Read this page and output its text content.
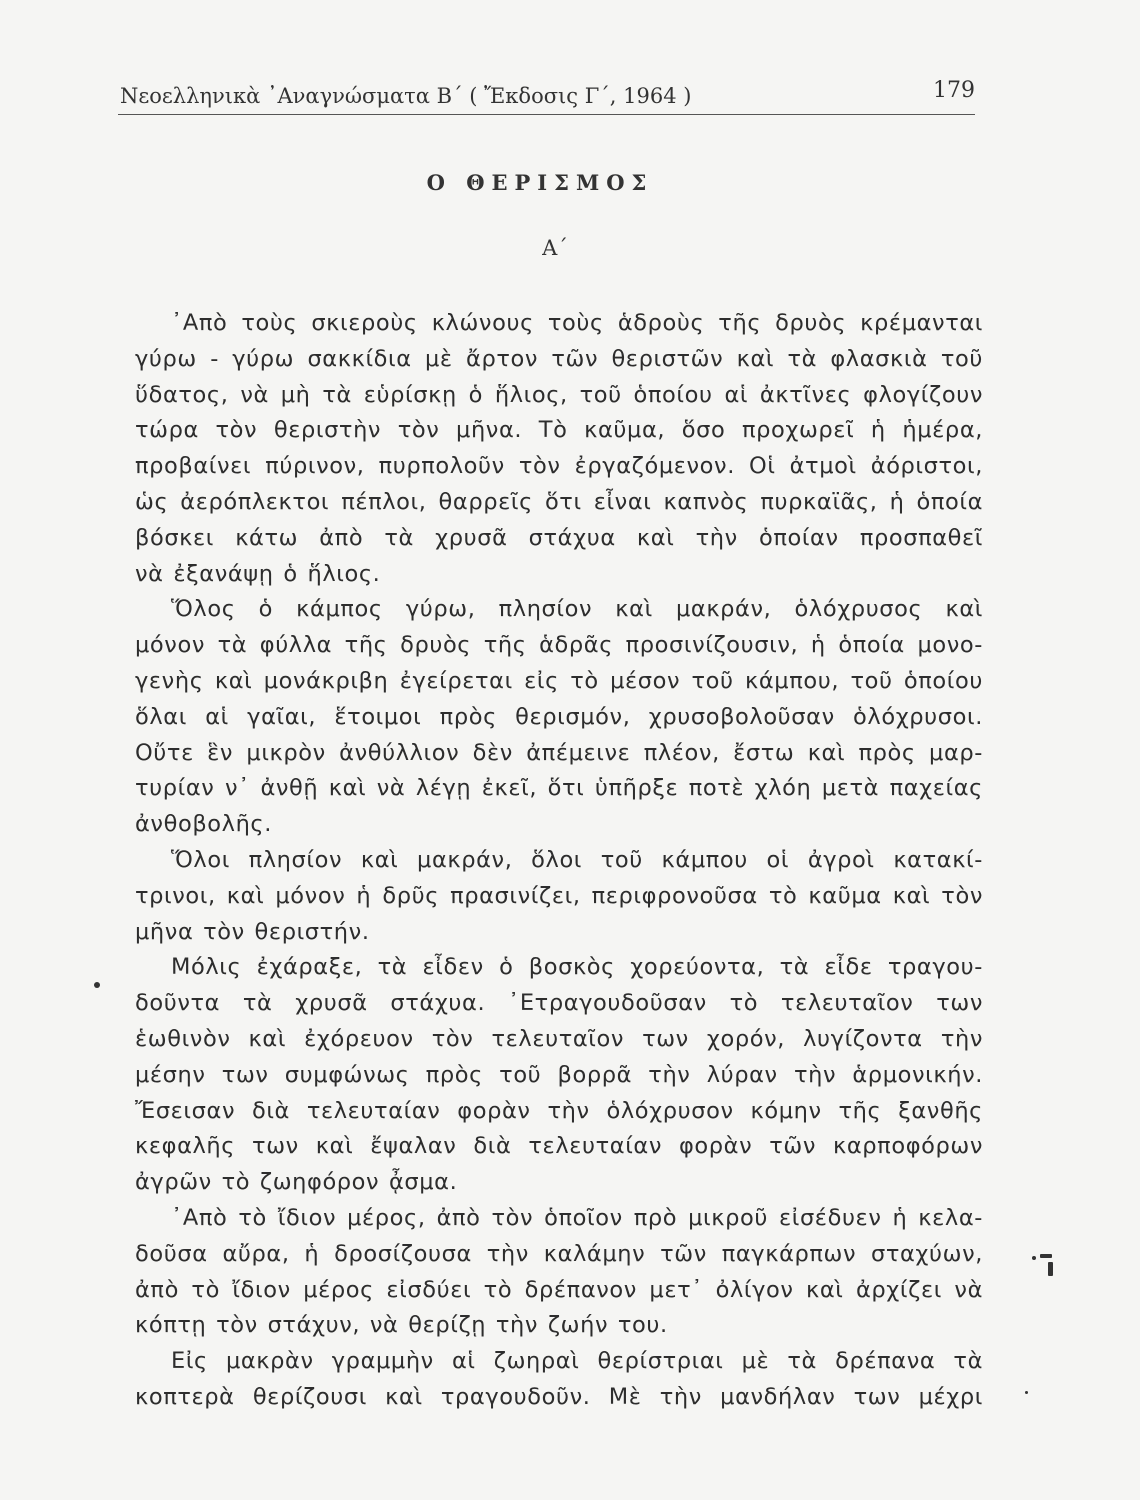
Νεοελληνικὰ ᾽Αναγνώσματα Β΄ ( Ἔκδοσις Γ΄, 1964 )	179
Ο ΘΕΡΙΣΜΟΣ
Α΄
᾽Απὸ τοὺς σκιεροὺς κλώνους τοὺς ἁδροὺς τῆς δρυὸς κρέμανται
γύρω - γύρω σακκίδια μὲ ἄρτον τῶν θεριστῶν καὶ τὰ φλασκιὰ τοῦ
ὕδατος, νὰ μὴ τὰ εὑρίσκῃ ὁ ἥλιος, τοῦ ὁποίου αἱ ἀκτῖνες φλογίζουν
τώρα τὸν θεριστὴν τὸν μῆνα. Τὸ καῦμα, ὅσο προχωρεῖ ἡ ἡμέρα,
προβαίνει πύρινον, πυρπολοῦν τὸν ἐργαζόμενον. Οἱ ἀτμοὶ ἀόριστοι,
ὡς ἀερόπλεκτοι πέπλοι, θαρρεῖς ὅτι εἶναι καπνὸς πυρκαϊᾶς, ἡ ὁποία
βόσκει κάτω ἀπὸ τὰ χρυσᾶ στάχυα καὶ τὴν ὁποίαν προσπαθεῖ
νὰ ἐξανάψῃ ὁ ἥλιος.
Ὅλος ὁ κάμπος γύρω, πλησίον καὶ μακράν, ὁλόχρυσος καὶ
μόνον τὰ φύλλα τῆς δρυὸς τῆς ἁδρᾶς προσινίζουσιν, ἡ ὁποία μονο-
γενὴς καὶ μονάκριβη ἐγείρεται εἰς τὸ μέσον τοῦ κάμπου, τοῦ ὁποίου
ὅλαι αἱ γαῖαι, ἕτοιμοι πρὸς θερισμόν, χρυσοβολοῦσαν ὁλόχρυσοι.
Οὔτε ἓν μικρὸν ἀνθύλλιον δὲν ἀπέμεινε πλέον, ἔστω καὶ πρὸς μαρ-
τυρίαν ν᾽ ἀνθῇ καὶ νὰ λέγῃ ἐκεῖ, ὅτι ὑπῆρξε ποτὲ χλόη μετὰ παχείας
ἀνθοβολῆς.
Ὅλοι πλησίον καὶ μακράν, ὅλοι τοῦ κάμπου οἱ ἀγροὶ κατακί-
τρινοι, καὶ μόνον ἡ δρῦς πρασινίζει, περιφρονοῦσα τὸ καῦμα καὶ τὸν
μῆνα τὸν θεριστήν.
Μόλις ἐχάραξε, τὰ εἶδεν ὁ βοσκὸς χορεύοντα, τὰ εἶδε τραγου-
δοῦντα τὰ χρυσᾶ στάχυα. ᾽Ετραγουδοῦσαν τὸ τελευταῖον των
ἑωθινὸν καὶ ἐχόρευον τὸν τελευταῖον των χορόν, λυγίζοντα τὴν
μέσην των συμφώνως πρὸς τοῦ βορρᾶ τὴν λύραν τὴν ἁρμονικήν.
Ἔσεισαν διὰ τελευταίαν φορὰν τὴν ὁλόχρυσον κόμην τῆς ξανθῆς
κεφαλῆς των καὶ ἔψαλαν διὰ τελευταίαν φορὰν τῶν καρποφόρων
ἀγρῶν τὸ ζωηφόρον ᾆσμα.
᾽Απὸ τὸ ἴδιον μέρος, ἀπὸ τὸν ὁποῖον πρὸ μικροῦ εἰσέδυεν ἡ κελα-
δοῦσα αὔρα, ἡ δροσίζουσα τὴν καλάμην τῶν παγκάρπων σταχύων,
ἀπὸ τὸ ἴδιον μέρος εἰσδύει τὸ δρέπανον μετ᾽ ὀλίγον καὶ ἀρχίζει νὰ
κόπτῃ τὸν στάχυν, νὰ θερίζῃ τὴν ζωήν του.
Εἰς μακρὰν γραμμὴν αἱ ζωηραὶ θερίστριαι μὲ τὰ δρέπανα τὰ
κοπτερὰ θερίζουσι καὶ τραγουδοῦν. Μὲ τὴν μανδήλαν των μέχρι
